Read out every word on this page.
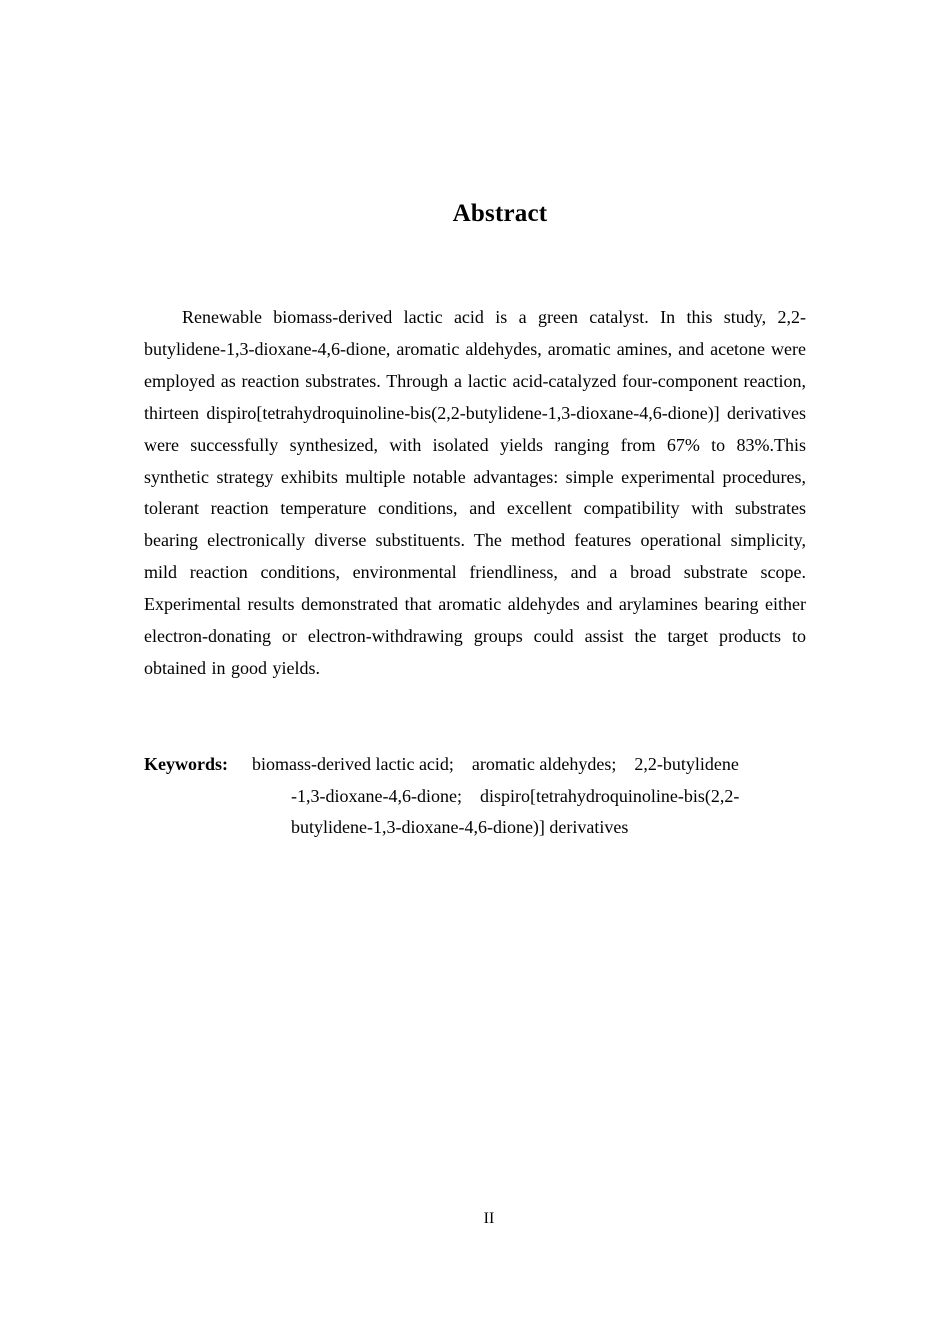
Abstract
Renewable biomass-derived lactic acid is a green catalyst. In this study, 2,2-butylidene-1,3-dioxane-4,6-dione, aromatic aldehydes, aromatic amines, and acetone were employed as reaction substrates. Through a lactic acid-catalyzed four-component reaction, thirteen dispiro[tetrahydroquinoline-bis(2,2-butylidene-1,3-dioxane-4,6-dione)] derivatives were successfully synthesized, with isolated yields ranging from 67% to 83%.This synthetic strategy exhibits multiple notable advantages: simple experimental procedures, tolerant reaction temperature conditions, and excellent compatibility with substrates bearing electronically diverse substituents. The method features operational simplicity, mild reaction conditions, environmental friendliness, and a broad substrate scope. Experimental results demonstrated that aromatic aldehydes and arylamines bearing either electron-donating or electron-withdrawing groups could assist the target products to obtained in good yields.
Keywords: biomass-derived lactic acid;    aromatic aldehydes;    2,2-butylidene
-1,3-dioxane-4,6-dione;    dispiro[tetrahydroquinoline-bis(2,2-
butylidene-1,3-dioxane-4,6-dione)] derivatives
II
